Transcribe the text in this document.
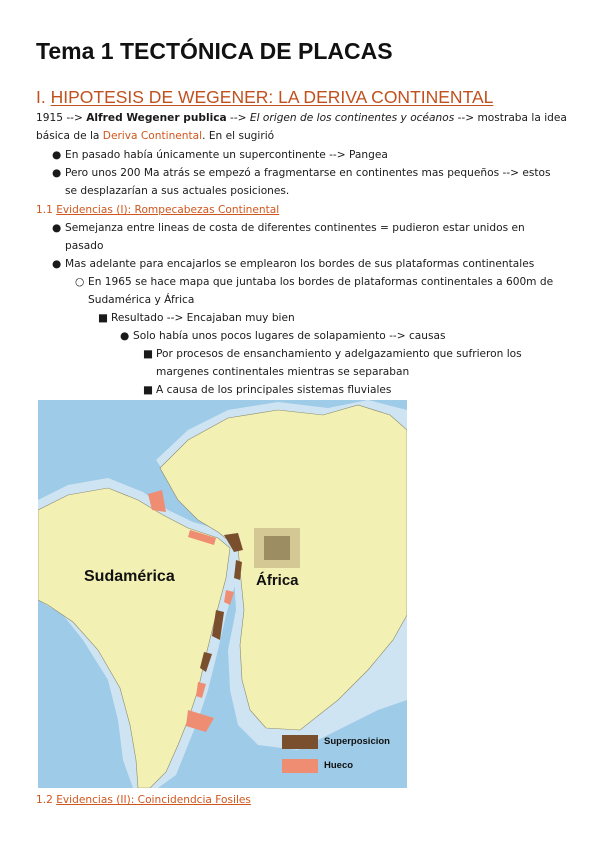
Tema 1 TECTÓNICA DE PLACAS
I. HIPOTESIS DE WEGENER: LA DERIVA CONTINENTAL
1915 --> Alfred Wegener publica --> El origen de los continentes y océanos --> mostraba la idea
básica de la Deriva Continental. En el sugirió
● En pasado había únicamente un supercontinente --> Pangea
● Pero unos 200 Ma atrás se empezó a fragmentarse en continentes mas pequeños --> estos
se desplazarían a sus actuales posiciones.
1.1 Evidencias (I): Rompecabezas Continental
● Semejanza entre lineas de costa de diferentes continentes = pudieron estar unidos en
pasado
● Mas adelante para encajarlos se emplearon los bordes de sus plataformas continentales
○ En 1965 se hace mapa que juntaba los bordes de plataformas continentales a 600m de
Sudamérica y África
■ Resultado --> Encajaban muy bien
● Solo había unos pocos lugares de solapamiento --> causas
■ Por procesos de ensanchamiento y adelgazamiento que sufrieron los
margenes continentales mientras se separaban
■ A causa de los principales sistemas fluviales
Sudamérica	África
Superposicion
Hueco
1.2 Evidencias (II): Coincidendcia Fosiles
